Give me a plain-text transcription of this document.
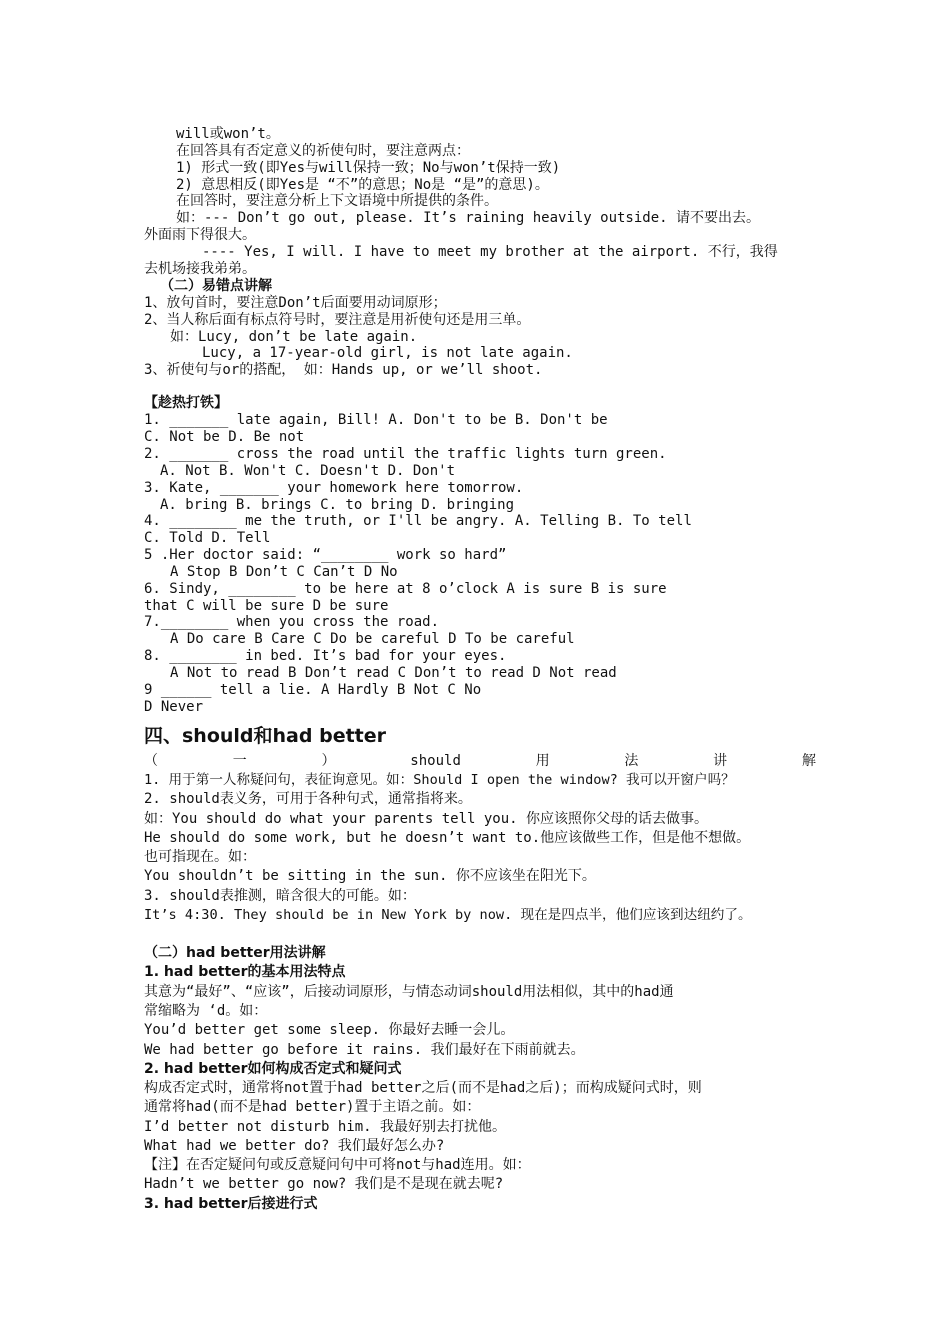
will或won’t。
在回答具有否定意义的祈使句时，要注意两点：
1) 形式一致(即Yes与will保持一致；No与won’t保持一致)
2) 意思相反(即Yes是 “不”的意思；No是 “是”的意思)。
在回答时，要注意分析上下文语境中所提供的条件。
如：--- Don’t go out, please. It’s raining heavily outside. 请不要出去。
外面雨下得很大。
---- Yes, I will. I have to meet my brother at the airport. 不行，我得
去机场接我弟弟。
（二）易错点讲解
1、放句首时，要注意Don’t后面要用动词原形；
2、当人称后面有标点符号时，要注意是用祈使句还是用三单。
如：Lucy, don’t be late again.
Lucy, a 17-year-old girl, is not late again.
3、祈使句与or的搭配， 如：Hands up, or we’ll shoot.
【趁热打铁】
1. _______ late again, Bill! A. Don't to be B. Don't be
C. Not be D. Be not
2. _______ cross the road until the traffic lights turn green.
A. Not B. Won't C. Doesn't D. Don't
3. Kate, _______ your homework here tomorrow.
A. bring B. brings C. to bring D. bringing
4. ________ me the truth, or I'll be angry. A. Telling B. To tell
C. Told D. Tell
5 .Her doctor said: “________ work so hard”
A Stop B Don’t C Can’t D No
6. Sindy, ________ to be here at 8 o’clock A is sure B is sure
that C will be sure D be sure
7.________ when you cross the road.
A Do care B Care C Do be careful D To be careful
8. ________ in bed. It’s bad for your eyes.
A Not to read B Don’t read C Don’t to read D Not read
9 ______ tell a lie. A Hardly B Not C No
D Never
四、should和had better
（	一	）	should	用	法	讲	解
1. 用于第一人称疑问句，表征询意见。如：Should I open the window? 我可以开窗户吗？
2. should表义务，可用于各种句式，通常指将来。
如：You should do what your parents tell you. 你应该照你父母的话去做事。
He should do some work, but he doesn’t want to.他应该做些工作，但是他不想做。
也可指现在。如：
You shouldn’t be sitting in the sun. 你不应该坐在阳光下。
3. should表推测，暗含很大的可能。如：
It’s 4:30. They should be in New York by now. 现在是四点半，他们应该到达纽约了。
（二）had better用法讲解
1. had better的基本用法特点
其意为“最好”、“应该”，后接动词原形，与情态动词should用法相似，其中的had通
常缩略为 ‘d。如：
You’d better get some sleep. 你最好去睡一会儿。
We had better go before it rains. 我们最好在下雨前就去。
2. had better如何构成否定式和疑问式
构成否定式时，通常将not置于had better之后(而不是had之后)；而构成疑问式时，则
通常将had(而不是had better)置于主语之前。如：
I’d better not disturb him. 我最好别去打扰他。
What had we better do? 我们最好怎么办?
【注】在否定疑问句或反意疑问句中可将not与had连用。如：
Hadn’t we better go now? 我们是不是现在就去呢?
3. had better后接进行式
